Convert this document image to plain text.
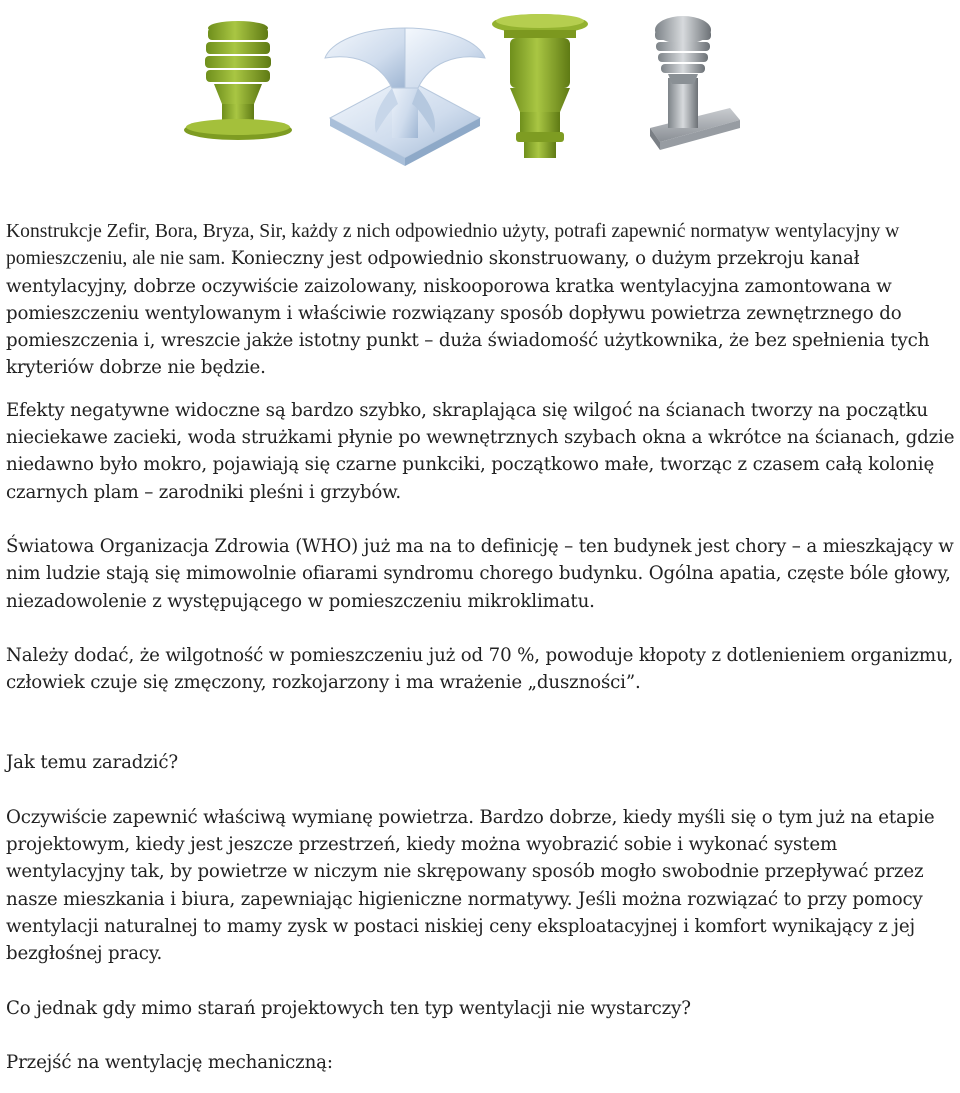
Konstrukcje Zefir, Bora, Bryza, Sir, każdy z nich odpowiednio użyty, potrafi zapewnić normatyw wentylacyjny w pomieszczeniu, ale nie sam. Konieczny jest odpowiednio skonstruowany, o dużym przekroju kanał wentylacyjny, dobrze oczywiście zaizolowany, niskooporowa kratka wentylacyjna zamontowana w pomieszczeniu wentylowanym i właściwie rozwiązany sposób dopływu powietrza zewnętrznego do pomieszczenia i, wreszcie jakże istotny punkt – duża świadomość użytkownika, że bez spełnienia tych kryteriów dobrze nie będzie.

Efekty negatywne widoczne są bardzo szybko, skraplająca się wilgoć na ścianach tworzy na początku nieciekawe zacieki, woda strużkami płynie po wewnętrznych szybach okna a wkrótce na ścianach, gdzie niedawno było mokro, pojawiają się czarne punkciki, początkowo małe, tworząc z czasem całą kolonię czarnych plam – zarodniki pleśni i grzybów.

Światowa Organizacja Zdrowia (WHO) już ma na to definicję – ten budynek jest chory – a mieszkający w nim ludzie stają się mimowolnie ofiarami syndromu chorego budynku. Ogólna apatia, częste bóle głowy, niezadowolenie z występującego w pomieszczeniu mikroklimatu.

Należy dodać, że wilgotność w pomieszczeniu już od 70 %, powoduje kłopoty z dotlenieniem organizmu, człowiek czuje się zmęczony, rozkojarzony i ma wrażenie „duszności”.

Jak temu zaradzić?

Oczywiście zapewnić właściwą wymianę powietrza. Bardzo dobrze, kiedy myśli się o tym już na etapie projektowym, kiedy jest jeszcze przestrzeń, kiedy można wyobrazić sobie i wykonać system wentylacyjny tak, by powietrze w niczym nie skrępowany sposób mogło swobodnie przepływać przez nasze mieszkania i biura, zapewniając higieniczne normatywy. Jeśli można rozwiązać to przy pomocy wentylacji naturalnej to mamy zysk w postaci niskiej ceny eksploatacyjnej i komfort wynikający z jej bezgłośnej pracy.

Co jednak gdy mimo starań projektowych ten typ wentylacji nie wystarczy?

Przejść na wentylację mechaniczną:
